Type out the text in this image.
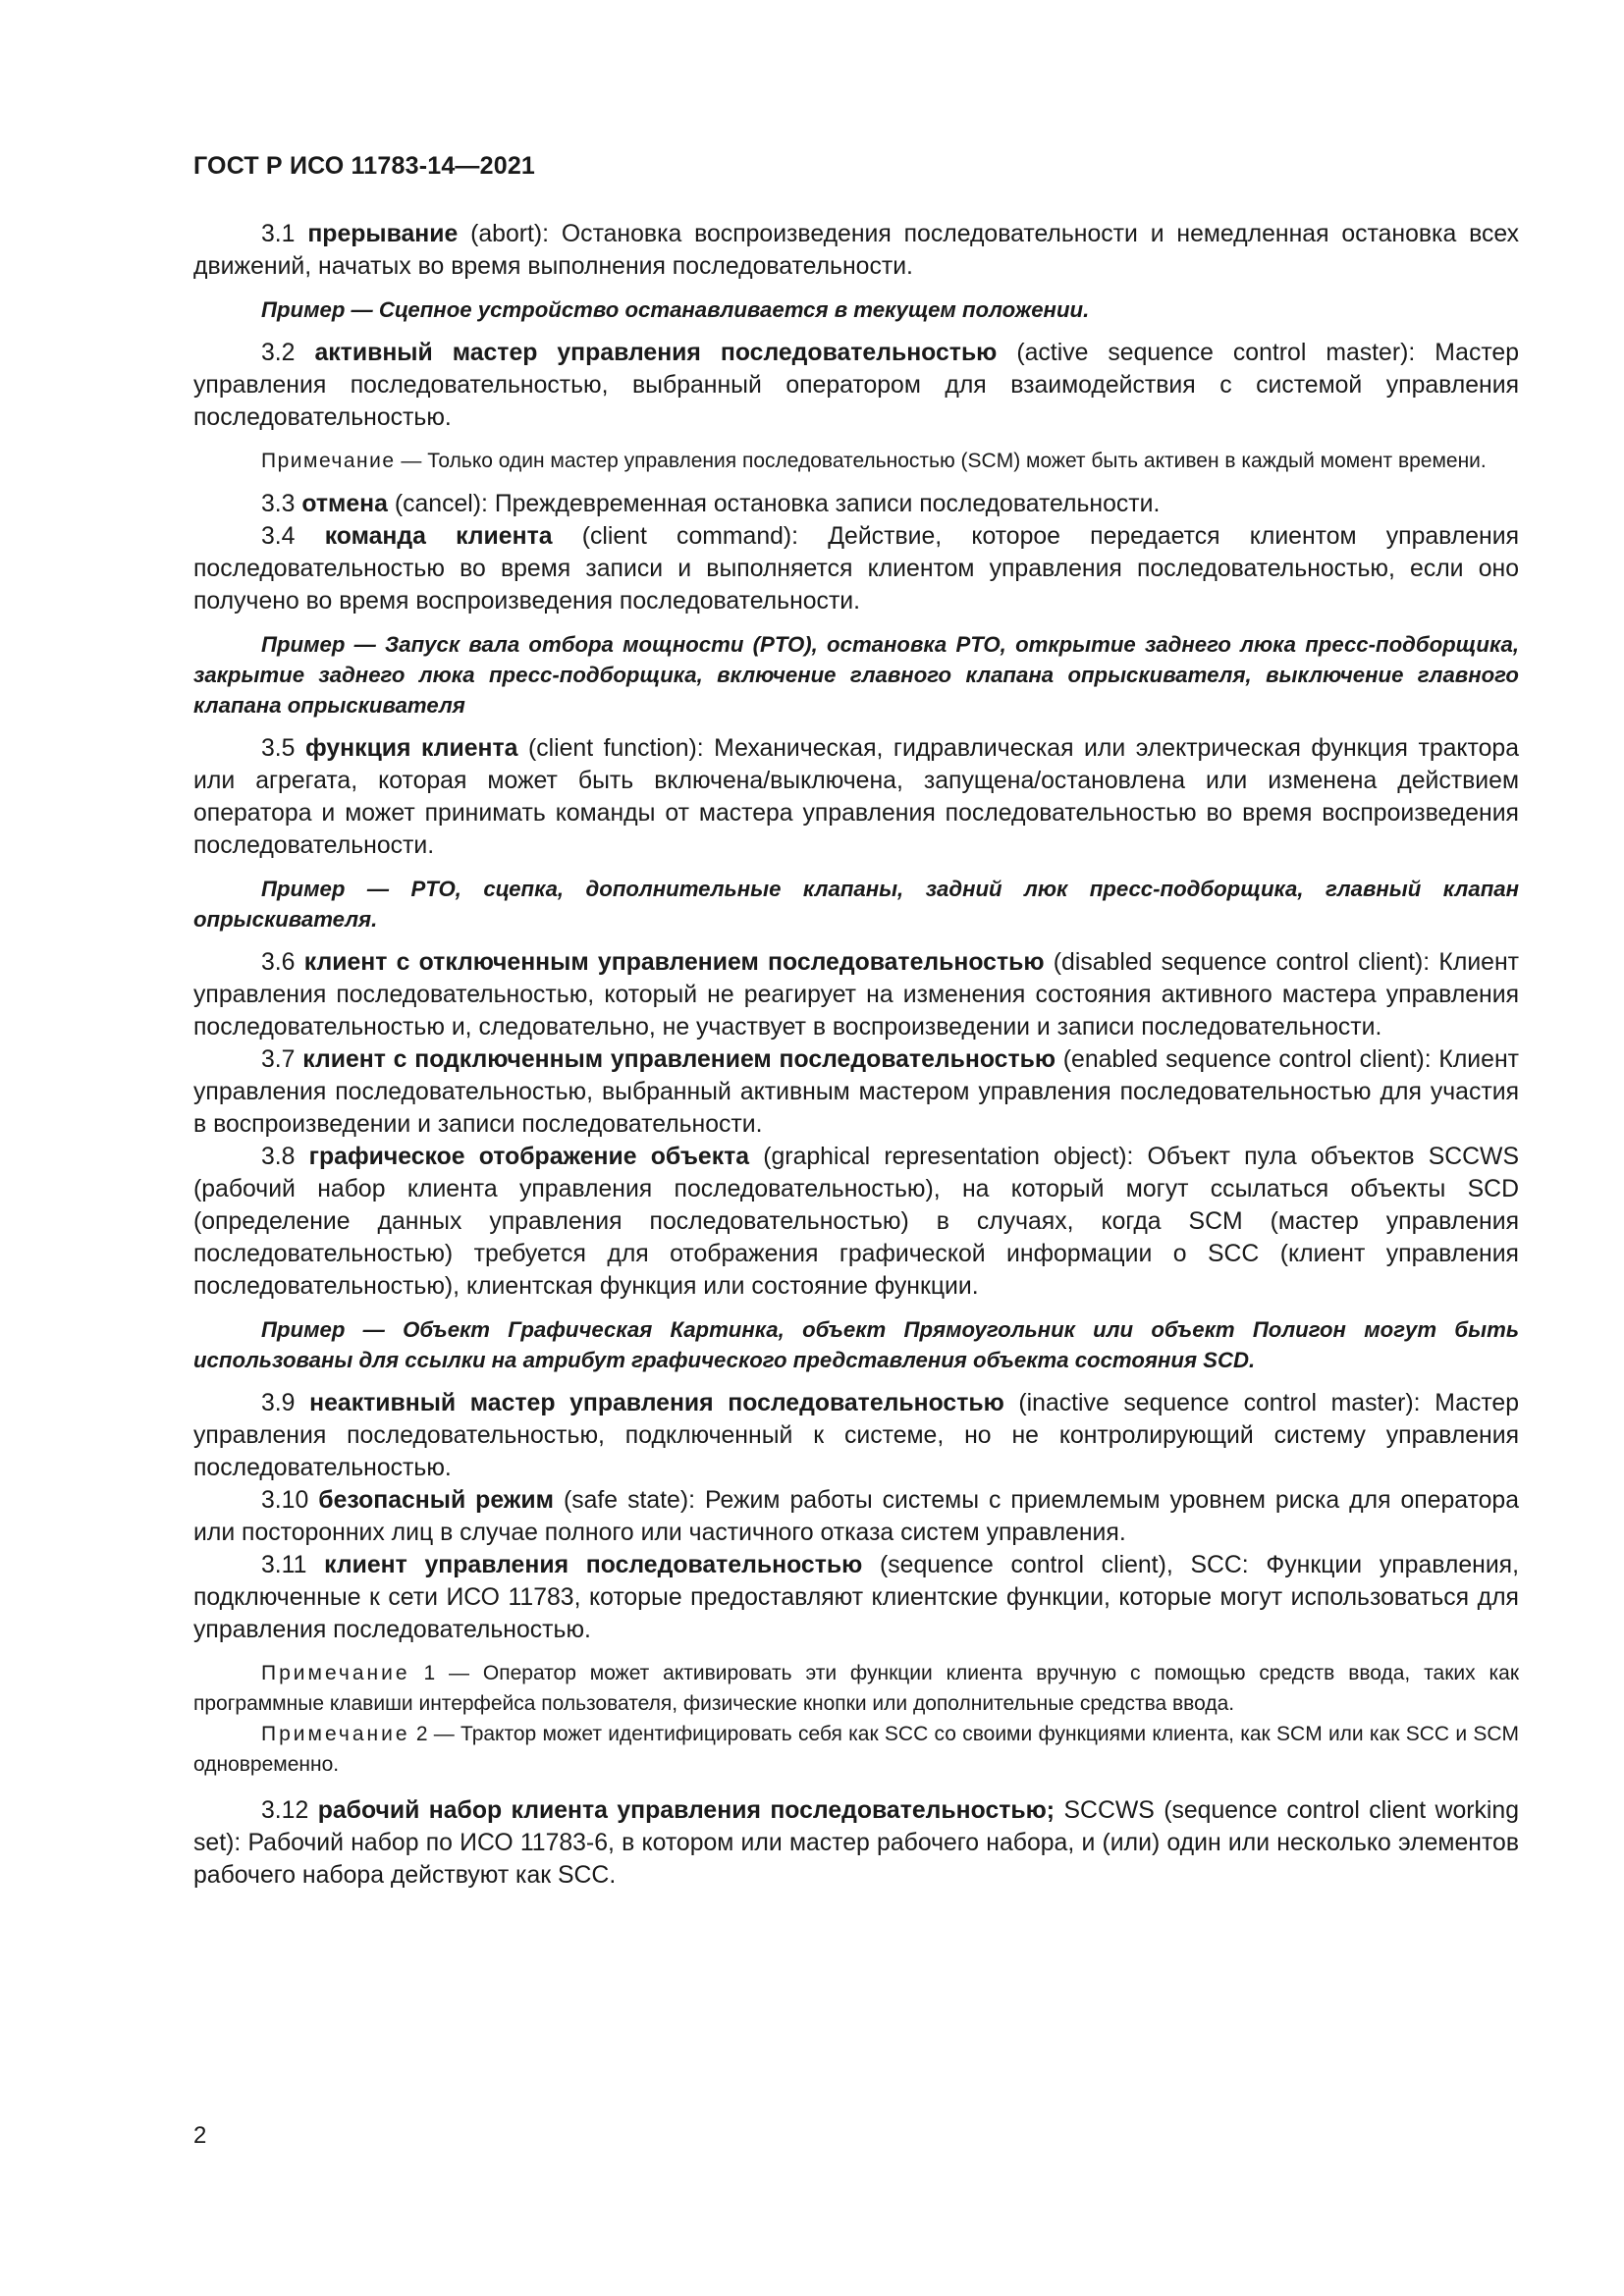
ГОСТ Р ИСО 11783-14—2021

3.1 прерывание (abort): Остановка воспроизведения последовательности и немедленная остановка всех движений, начатых во время выполнения последовательности.

Пример — Сцепное устройство останавливается в текущем положении.

3.2 активный мастер управления последовательностью (active sequence control master): Мастер управления последовательностью, выбранный оператором для взаимодействия с системой управления последовательностью.

Примечание — Только один мастер управления последовательностью (SCM) может быть активен в каждый момент времени.

3.3 отмена (cancel): Преждевременная остановка записи последовательности.

3.4 команда клиента (client command): Действие, которое передается клиентом управления последовательностью во время записи и выполняется клиентом управления последовательностью, если оно получено во время воспроизведения последовательности.

Пример — Запуск вала отбора мощности (PTO), остановка PTO, открытие заднего люка пресс-подборщика, закрытие заднего люка пресс-подборщика, включение главного клапана опрыскивателя, выключение главного клапана опрыскивателя

3.5 функция клиента (client function): Механическая, гидравлическая или электрическая функция трактора или агрегата, которая может быть включена/выключена, запущена/остановлена или изменена действием оператора и может принимать команды от мастера управления последовательностью во время воспроизведения последовательности.

Пример — PTO, сцепка, дополнительные клапаны, задний люк пресс-подборщика, главный клапан опрыскивателя.

3.6 клиент с отключенным управлением последовательностью (disabled sequence control client): Клиент управления последовательностью, который не реагирует на изменения состояния активного мастера управления последовательностью и, следовательно, не участвует в воспроизведении и записи последовательности.

3.7 клиент с подключенным управлением последовательностью (enabled sequence control client): Клиент управления последовательностью, выбранный активным мастером управления последовательностью для участия в воспроизведении и записи последовательности.

3.8 графическое отображение объекта (graphical representation object): Объект пула объектов SCCWS (рабочий набор клиента управления последовательностью), на который могут ссылаться объекты SCD (определение данных управления последовательностью) в случаях, когда SCM (мастер управления последовательностью) требуется для отображения графической информации о SCC (клиент управления последовательностью), клиентская функция или состояние функции.

Пример — Объект Графическая Картинка, объект Прямоугольник или объект Полигон могут быть использованы для ссылки на атрибут графического представления объекта состояния SCD.

3.9 неактивный мастер управления последовательностью (inactive sequence control master): Мастер управления последовательностью, подключенный к системе, но не контролирующий систему управления последовательностью.

3.10 безопасный режим (safe state): Режим работы системы с приемлемым уровнем риска для оператора или посторонних лиц в случае полного или частичного отказа систем управления.

3.11 клиент управления последовательностью (sequence control client), SCC: Функции управления, подключенные к сети ИСО 11783, которые предоставляют клиентские функции, которые могут использоваться для управления последовательностью.

Примечание 1 — Оператор может активировать эти функции клиента вручную с помощью средств ввода, таких как программные клавиши интерфейса пользователя, физические кнопки или дополнительные средства ввода.

Примечание 2 — Трактор может идентифицировать себя как SCC со своими функциями клиента, как SCM или как SCC и SCM одновременно.

3.12 рабочий набор клиента управления последовательностью; SCCWS (sequence control client working set): Рабочий набор по ИСО 11783-6, в котором или мастер рабочего набора, и (или) один или несколько элементов рабочего набора действуют как SCC.

2
